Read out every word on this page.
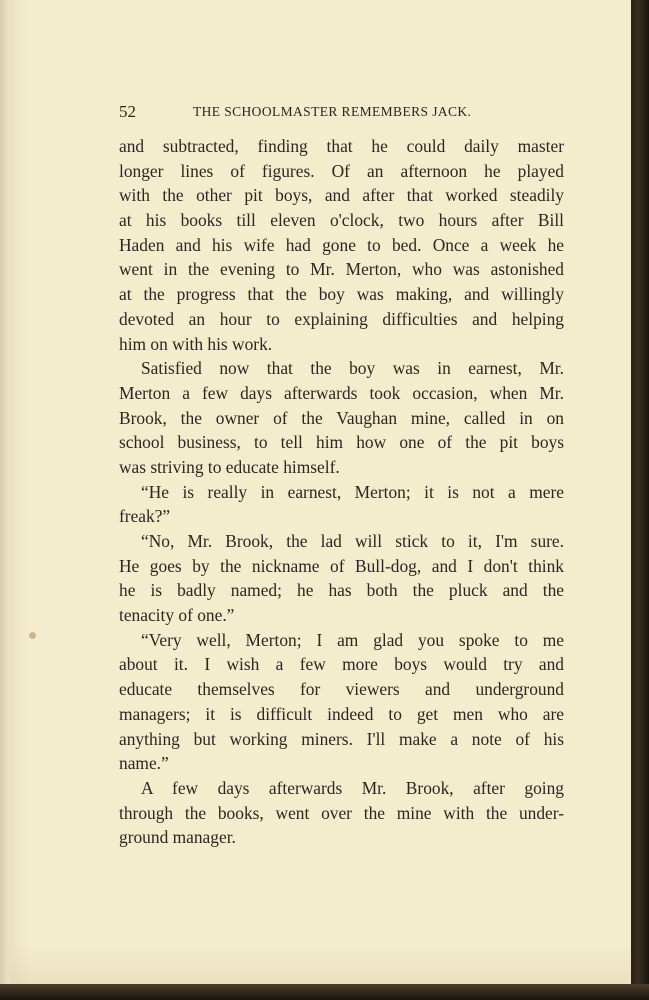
52	THE SCHOOLMASTER REMEMBERS JACK.
and subtracted, finding that he could daily master
longer lines of figures. Of an afternoon he played
with the other pit boys, and after that worked steadily
at his books till eleven o'clock, two hours after Bill
Haden and his wife had gone to bed. Once a week he
went in the evening to Mr. Merton, who was astonished
at the progress that the boy was making, and willingly
devoted an hour to explaining difficulties and helping
him on with his work.
Satisfied now that the boy was in earnest, Mr.
Merton a few days afterwards took occasion, when Mr.
Brook, the owner of the Vaughan mine, called in on
school business, to tell him how one of the pit boys
was striving to educate himself.
“He is really in earnest, Merton; it is not a mere
freak?”
“No, Mr. Brook, the lad will stick to it, I'm sure.
He goes by the nickname of Bull-dog, and I don't think
he is badly named; he has both the pluck and the
tenacity of one.”
“Very well, Merton; I am glad you spoke to me
about it. I wish a few more boys would try and
educate themselves for viewers and underground
managers; it is difficult indeed to get men who are
anything but working miners. I'll make a note of his
name.”
A few days afterwards Mr. Brook, after going
through the books, went over the mine with the under-
ground manager.
